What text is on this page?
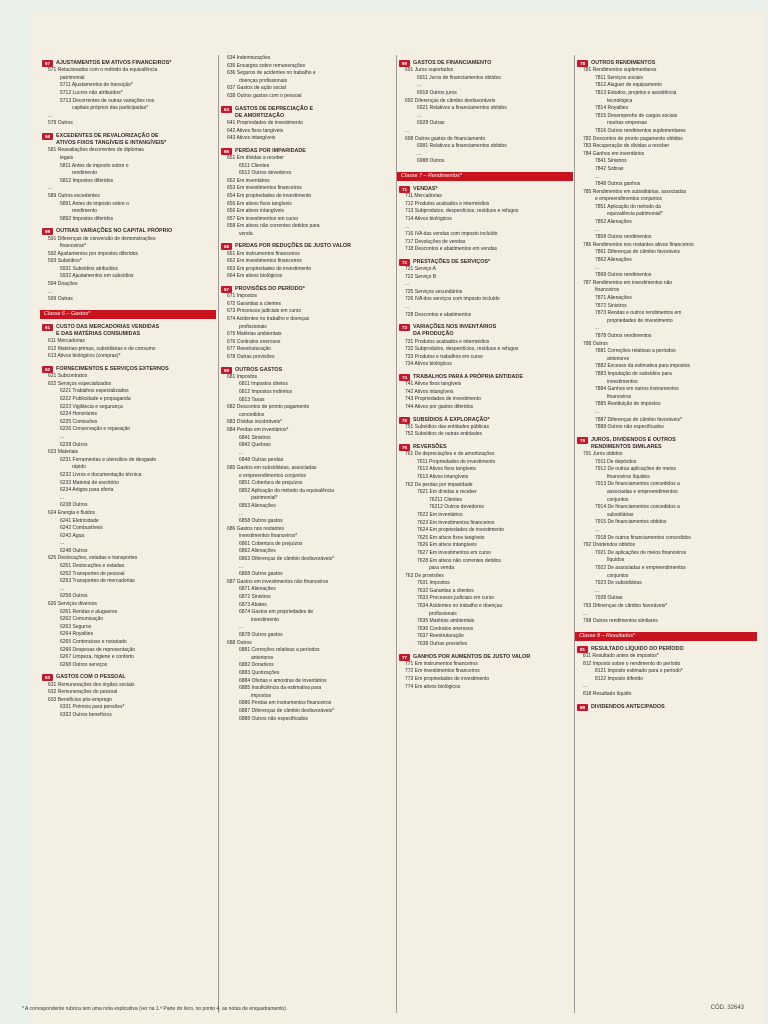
57	AJUSTAMENTOS EM ATIVOS FINANCEIROS*
571 Relacionados com o método da equivalência
patrimonial
5711 Ajustamentos de transição*
5712 Lucros não atribuídos*
5713 Decorrentes de outras variações nos
capitais próprios das participadas*
...
579 Outros
58	EXCEDENTES DE REVALORIZAÇÃO DE
ATIVOS FIXOS TANGÍVEIS E INTANGÍVEIS*
581 Reavaliações decorrentes de diplomas
legais
5811 Antes de imposto sobre o
rendimento
5812 Impostos diferidos
...
589 Outros excedentes
5891 Antes de imposto sobre o
rendimento
5892 Impostos diferidos
59	OUTRAS VARIAÇÕES NO CAPITAL PRÓPRIO
591 Diferenças de conversão de demonstrações
financeiras*
592 Ajustamentos por impostos diferidos
593 Subsídios*
5931 Subsídios atribuídos
5932 Ajustamentos em subsídios
594 Doações
...
599 Outras
Classe 6 – Gastos*
61	CUSTO DAS MERCADORIAS VENDIDAS
E DAS MATÉRIAS CONSUMIDAS
611 Mercadorias
612 Matérias-primas, subsidiárias e de consumo
613 Ativos biológicos (compras)*
62	FORNECIMENTOS E SERVIÇOS EXTERNOS
621 Subcontratos
622 Serviços especializados
6221 Trabalhos especializados
6222 Publicidade e propaganda
6223 Vigilância e segurança
6224 Honorários
6225 Comissões
6226 Conservação e reparação
...
6228 Outros
623 Materiais
6231 Ferramentas e utensílios de desgaste
rápido
6232 Livros e documentação técnica
6233 Material de escritório
6234 Artigos para oferta
...
6238 Outros
624 Energia e fluidos
6241 Eletricidade
6242 Combustíveis
6243 Água
...
6248 Outros
625 Deslocações, estadas e transportes
6251 Deslocações e estadas
6252 Transportes de pessoal
6253 Transportes de mercadorias
...
6258 Outros
626 Serviços diversos
6261 Rendas e alugueres
6262 Comunicação
6263 Seguros
6264 Royalties
6265 Contencioso e notariado
6266 Despesas de representação
6267 Limpeza, higiene e conforto
6268 Outros serviços
63	GASTOS COM O PESSOAL
631 Remunerações dos órgãos sociais
632 Remunerações do pessoal
633 Benefícios pós-emprego
6331 Prémios para pensões*
6332 Outros benefícios
634 Indemnizações
635 Encargos sobre remunerações
636 Seguros de acidentes no trabalho e
doenças profissionais
637 Gastos de ação social
638 Outros gastos com o pessoal
64	GASTOS DE DEPRECIAÇÃO E
DE AMORTIZAÇÃO
641 Propriedades de investimento
642 Ativos fixos tangíveis
643 Ativos intangíveis
65	PERDAS POR IMPARIDADE
651 Em dívidas a receber
6511 Clientes
6512 Outros devedores
652 Em inventários
653 Em investimentos financeiros
654 Em propriedades de investimento
655 Em ativos fixos tangíveis
656 Em ativos intangíveis
657 Em investimentos em curso
658 Em ativos não correntes detidos para
venda
66	PERDAS POR REDUÇÕES DE JUSTO VALOR
661 Em instrumentos financeiros
662 Em investimentos financeiros
663 Em propriedades de investimento
664 Em ativos biológicos
67	PROVISÕES DO PERÍODO*
671 Impostos
672 Garantias a clientes
673 Processos judiciais em curso
674 Acidentes no trabalho e doenças
profissionais
675 Matérias ambientais
676 Contratos onerosos
677 Reestruturação
678 Outras provisões
68	OUTROS GASTOS
681 Impostos
6811 Impostos diretos
6812 Impostos indiretos
6813 Taxas
682 Descontos de pronto pagamento
concedidos
683 Dívidas incobráveis*
684 Perdas em inventários*
6841 Sinistros
6842 Quebras
...
6848 Outras perdas
685 Gastos em subsidiárias, associadas
e empreendimentos conjuntos
6851 Cobertura de prejuízos
6852 Aplicação do método da equivalência
patrimonial*
6853 Alienações
...
6858 Outros gastos
686 Gastos nos restantes
investimentos financeiros*
6861 Cobertura de prejuízos
6862 Alienações
6863 Diferenças de câmbio desfavoráveis*
...
6868 Outros gastos
687 Gastos em investimentos não financeiros
6871 Alienações
6872 Sinistros
6873 Abates
6874 Gastos em propriedades de
investimento
...
6878 Outros gastos
688 Outros
6881 Correções relativas a períodos
anteriores
6882 Donativos
6883 Quotizações
6884 Ofertas e amostras de inventários
6885 Insuficiência da estimativa para
impostos
6886 Perdas em instrumentos financeiros
6887 Diferenças de câmbio desfavoráveis*
6888 Outros não especificados
69	GASTOS DE FINANCIAMENTO
691 Juros suportados
6911 Juros de financiamentos obtidos
...
6918 Outros juros
692 Diferenças de câmbio desfavoráveis
6921 Relativos a financiamentos obtidos
...
6928 Outras
...
698 Outros gastos de financiamento
6981 Relativos a financiamentos obtidos
...
6988 Outros
Classe 7 – Rendimentos*
71	VENDAS*
711 Mercadorias
712 Produtos acabados e intermédios
713 Subprodutos, desperdícios, resíduos e refugos
714 Ativos biológicos
...
716 IVA das vendas com imposto incluído
717 Devoluções de vendas
718 Descontos e abatimentos em vendas
72	PRESTAÇÕES DE SERVIÇOS*
721 Serviço A
722 Serviço B
...
725 Serviços secundários
726 IVA dos serviços com imposto incluído
...
728 Descontos e abatimentos
73	VARIAÇÕES NOS INVENTÁRIOS
DA PRODUÇÃO
731 Produtos acabados e intermédios
732 Subprodutos, desperdícios, resíduos e refugos
733 Produtos e trabalhos em curso
734 Ativos biológicos
74	TRABALHOS PARA A PRÓPRIA ENTIDADE
741 Ativos fixos tangíveis
742 Ativos intangíveis
743 Propriedades de investimento
744 Ativos por gastos diferidos
75	SUBSÍDIOS À EXPLORAÇÃO*
751 Subsídios das entidades públicas
752 Subsídios de outras entidades
76	REVERSÕES
761 De depreciações e de amortizações
7611 Propriedades de investimento
7612 Ativos fixos tangíveis
7613 Ativos intangíveis
762 De perdas por imparidade
7621 Em dívidas a receber
76211 Clientes
76212 Outros devedores
7622 Em inventários
7623 Em investimentos financeiros
7624 Em propriedades de investimento
7625 Em ativos fixos tangíveis
7626 Em ativos intangíveis
7627 Em investimentos em curso
7628 Em ativos não correntes detidos
para venda
763 De provisões
7631 Impostos
7632 Garantias a clientes
7633 Processos judiciais em curso
7634 Acidentes no trabalho e doenças
profissionais
7635 Matérias ambientais
7636 Contratos onerosos
7637 Reestruturação
7638 Outras provisões
77	GANHOS POR AUMENTOS DE JUSTO VALOR
771 Em instrumentos financeiros
772 Em investimentos financeiros
773 Em propriedades de investimento
774 Em ativos biológicos
78	OUTROS RENDIMENTOS
781 Rendimentos suplementares
7811 Serviços sociais
7812 Aluguer de equipamento
7813 Estudos, projetos e assistência
tecnológica
7814 Royalties
7815 Desempenho de cargos sociais
noutras empresas
7816 Outros rendimentos suplementares
782 Descontos de pronto pagamento obtidos
783 Recuperação de dívidas a receber
784 Ganhos em inventários
7841 Sinistros
7842 Sobras
...
7848 Outros ganhos
785 Rendimentos em subsidiárias, associadas
e empreendimentos conjuntos
7851 Aplicação do método da
equivalência patrimonial*
7852 Alienações
...
7858 Outros rendimentos
786 Rendimentos nos restantes ativos financeiros
7861 Diferenças de câmbio favoráveis
7862 Alienações
...
7868 Outros rendimentos
787 Rendimentos em investimentos não
financeiros
7871 Alienações
7872 Sinistros
7873 Rendas e outros rendimentos em
propriedades de investimento
...
7878 Outros rendimentos
788 Outros
7881 Correções relativas a períodos
anteriores
7882 Excesso da estimativa para impostos
7883 Imputação de subsídios para
investimentos
7884 Ganhos em outros instrumentos
financeiros
7885 Restituição de impostos
...
7887 Diferenças de câmbio favoráveis*
7888 Outros não especificados
79	JUROS, DIVIDENDOS E OUTROS
RENDIMENTOS SIMILARES
791 Juros obtidos
7911 De depósitos
7912 De outras aplicações de meios
financeiros líquidos
7913 De financiamentos concedidos a
associadas e empreendimentos
conjuntos
7914 De financiamentos concedidos a
subsidiárias
7915 De financiamentos obtidos
...
7918 De outros financiamentos concedidos
792 Dividendos obtidos
7921 De aplicações de meios financeiros
líquidos
7922 De associadas e empreendimentos
conjuntos
7923 De subsidiárias
...
7928 Outras
793 Diferenças de câmbio favoráveis*
...
798 Outros rendimentos similares
Classe 8 – Resultados*
81	RESULTADO LÍQUIDO DO PERÍODO
811 Resultado antes de impostos*
812 Imposto sobre o rendimento do período
8121 Imposto estimado para o período*
8122 Imposto diferido
...
818 Resultado líquido
89	DIVIDENDOS ANTECIPADOS
* A correspondente rubrica tem uma nota explicativa (ver na 1.ª Parte do livro, no ponto 4, as notas de enquadramento).	CÓD. 32643
